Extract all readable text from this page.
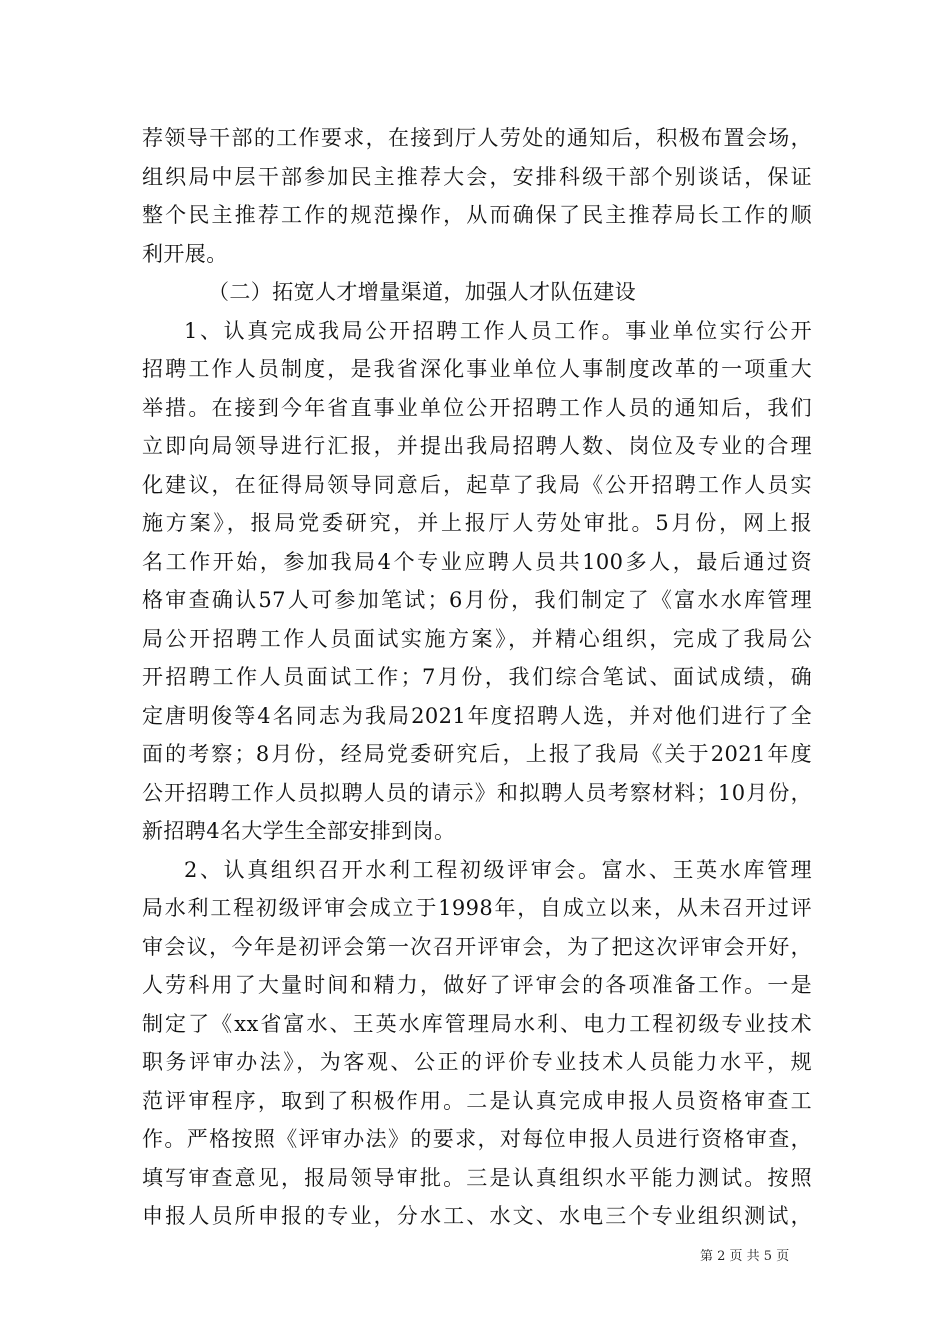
荐领导干部的工作要求，在接到厅人劳处的通知后，积极布置会场，
组织局中层干部参加民主推荐大会，安排科级干部个别谈话，保证
整个民主推荐工作的规范操作，从而确保了民主推荐局长工作的顺
利开展。
（二）拓宽人才增量渠道，加强人才队伍建设
1、认真完成我局公开招聘工作人员工作。事业单位实行公开
招聘工作人员制度，是我省深化事业单位人事制度改革的一项重大
举措。在接到今年省直事业单位公开招聘工作人员的通知后，我们
立即向局领导进行汇报，并提出我局招聘人数、岗位及专业的合理
化建议，在征得局领导同意后，起草了我局《公开招聘工作人员实
施方案》，报局党委研究，并上报厅人劳处审批。5月份，网上报
名工作开始，参加我局4个专业应聘人员共100多人，最后通过资
格审查确认57人可参加笔试；6月份，我们制定了《富水水库管理
局公开招聘工作人员面试实施方案》，并精心组织，完成了我局公
开招聘工作人员面试工作；7月份，我们综合笔试、面试成绩，确
定唐明俊等4名同志为我局2021年度招聘人选，并对他们进行了全
面的考察；8月份，经局党委研究后，上报了我局《关于2021年度
公开招聘工作人员拟聘人员的请示》和拟聘人员考察材料；10月份，
新招聘4名大学生全部安排到岗。
2、认真组织召开水利工程初级评审会。富水、王英水库管理
局水利工程初级评审会成立于1998年，自成立以来，从未召开过评
审会议，今年是初评会第一次召开评审会，为了把这次评审会开好，
人劳科用了大量时间和精力，做好了评审会的各项准备工作。一是
制定了《xx省富水、王英水库管理局水利、电力工程初级专业技术
职务评审办法》，为客观、公正的评价专业技术人员能力水平，规
范评审程序，取到了积极作用。二是认真完成申报人员资格审查工
作。严格按照《评审办法》的要求，对每位申报人员进行资格审查，
填写审查意见，报局领导审批。三是认真组织水平能力测试。按照
申报人员所申报的专业，分水工、水文、水电三个专业组织测试，
第 2 页 共 5 页
